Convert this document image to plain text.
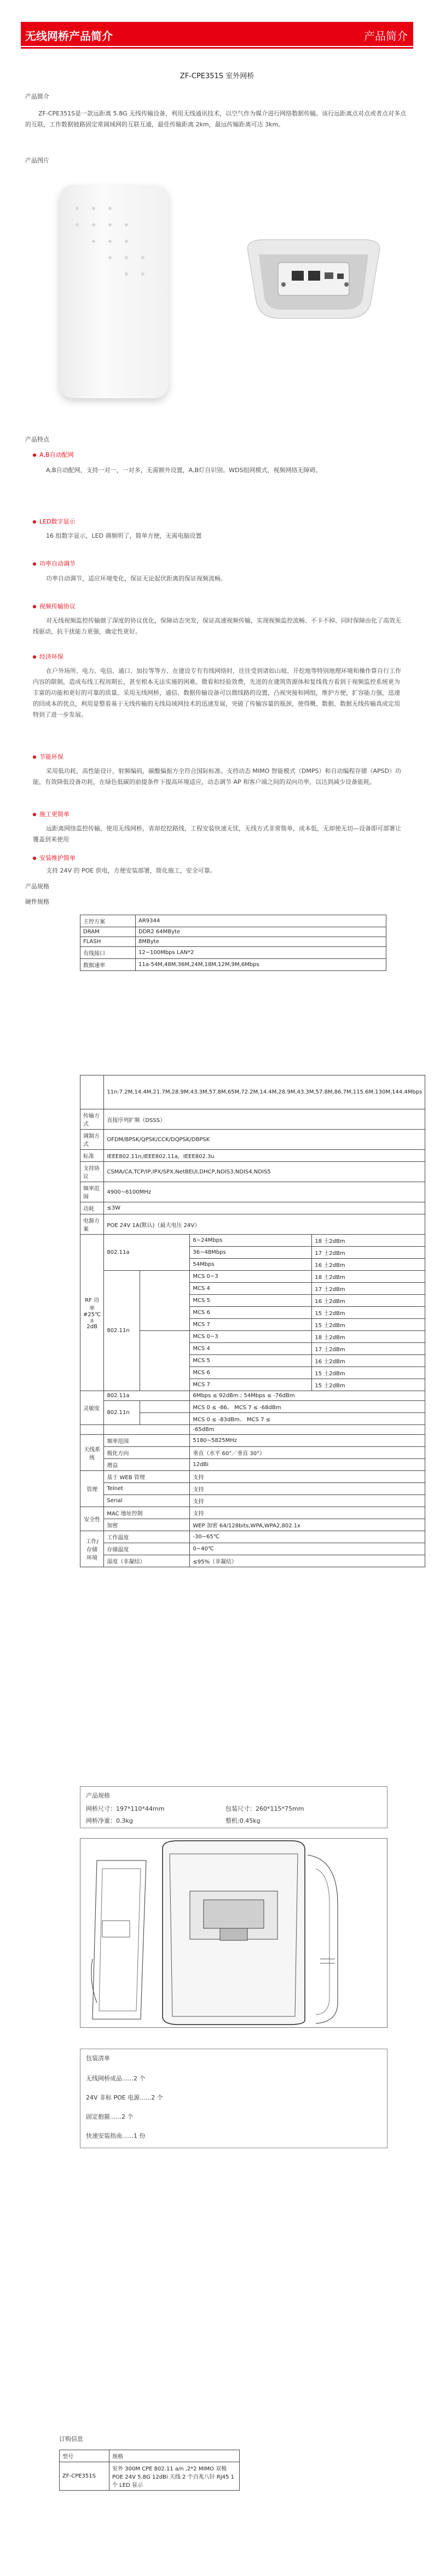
无线网桥产品简介	产品简介
ZF-CPE351S 室外网桥
产品简介
ZF-CPE351S是一款远距离 5.8G 无线传输设备，利用无线通讯技术，以空气作为媒介进行网络数据传输。该行远距离点对点或者点对多点的互联，工作数据链路固定常阔域网的互联互通，最佳传输距离 2km，最远传输距离可达 3km。
产品图片
产品特点
A,B自动配网
A,B自动配网，支持一对一，一对多，无需额外设置，A,B灯自识别。WDS组网模式，视频网络无障碍。
LED数字显示
16 组数字显示，LED 调频明了，简单方便，无需电脑设置
功率自动调节
功率自动调节，适应环境变化，保证无论起伏距离的保证视频流畅。
视频传输协议
对无线视频监控传输做了深度的协议优化，保障动态突发，保证高速视频传输，实现视频监控流畅、不卡不掉、同时保障由化了高效无线驱动，抗干扰能力更强，确定性更好。
经济环保
在户外场所、电力、电信、通口、加拉等等方、在建设专有有线网络时，往往受到诸如山坡、开挖地等特别地理环境和操作算自行工作内容的限制，造成布线工程周期长，甚至根本无法实施的困难。微看和经验效费，先进的在建筑资源体和复线我方看到于视频监控系统更为丰富的功能和更好的可靠的质量。采用无线网桥，通信、数据传输设备可以微线路的设置，凸视突接和网组，维护方便，扩容能力强，迅速的回成本的优点，利用是整看基于无线传输的无线局域网技术的迅速发展，突破了传输容量的瓶颈，使得概、数据、数据无线传输真成定用特到了进一步发展。
节能环保
采用低功耗，高性能设计，射频编码，碳酸偏振方全符合国际标准。支持动态 MIMO 智能模式（DMPS）和自动编程存储（APSD）功能，有效降低设备功耗，在绿色低碳的前提条件下提高环境适应，动态调节 AP 和客户端之间的双向功率，以达到减少设备能耗。
施工更简单
远距离网络监控传输，使用无线网桥，省却挖挖路线，工程安装快速无忧，无线方式非常简单，成本低，无却使无切—设备即可部署让覆盖到来使用
安装维护简单
支持 24V 的 POE 供电，方便安装部署，简化施工，安全可靠。
产品规格
硬件规格
主控方案	AR9344
DRAM	DDR2 64MByte
FLASH	8MByte
有线接口	12~100Mbps LAN*2
数据速率	11a-54M,48M,36M,24M,18M,12M,9M,6Mbps
	11n:7.2M,14.4M,21.7M,28.9M,43.3M,57.8M,65M,72.2M,14.4M,28.9M,43.3M,57.8M,86.7M,115.6M,130M,144.4Mbps			
传输方式	直接序列扩频（DSSS）			
调制方式	OFDM/BPSK/QPSK/CCK/DQPSK/DBPSK			
标准	IEEE802.11n,IEEE802.11a，IEEE802.3u			
支持协议	CSMA/CA,TCP/IP,IPX/SPX,NetBEUI,DHCP,NDIS3,NDIS4,NDIS5			
频率范围	4900~6100MHz			
功耗	≤3W			
电源方案	POE 24V 1A(默认)（最大电压 24V）			
RF 功率
#25℃±
2dB	802.11a		6~24Mbps	18 土2dBm
			36~48Mbps	17 土2dBm
			54Mbps	16 土2dBm
	802.11n		MCS 0~3	18 土2dBm
			MCS 4	17 土2dBm
			MCS 5	16 土2dBm
			MCS 6	15 土2dBm
			MCS 7	15 土2dBm
			MCS 0~3	18 土2dBm
			MCS 4	17 土2dBm
			MCS 5	16 土2dBm
			MCS 6	15 土2dBm
			MCS 7	15 土2dBm
灵敏度	802.11a		6Mbps ≤ 92dBm ; 54Mbps ≤ -76dBm	
	802.11n		MCS 0 ≤ -86、 MCS 7 ≤ -68dBm	
			MCS 0 ≤ -83dBm、 MCS 7 ≤	
			-65dBm	
天线系统	频率范围		5180~5825MHz	
	极化方向		垂直（水平 60°／垂直 30°）	
	增益		12dBi	
管理	基于 WEB 管理		支持	
	Telnet		支持	
	Serial		支持	
安全性	MAC 地址控制		支持	
	加密		WEP 加密 64/128bits,WPA,WPA2,802.1x	
工作/存储
环境	工作温度		-30~65℃	
	存储温度		0~40℃	
	湿度（非凝结）		≤95%（非凝结）	
产品规格
网桥尺寸：197*110*44mm	包装尺寸：260*115*75mm
网桥净重：0.3kg	整机:0.45kg
包装清单
无线网桥成品......2 个
24V 非标 POE 电源......2 个
固定抱箍......2 个
快速安装指南......1 份
订购信息
型号	规格
ZF-CPE351S	室外 300M CPE 802.11 a/n ,2*2 MIMO 双极 POE 24V 5.8G 12dBi 天线 2 个百兆八针 RJ45 1 个 LED 显示
